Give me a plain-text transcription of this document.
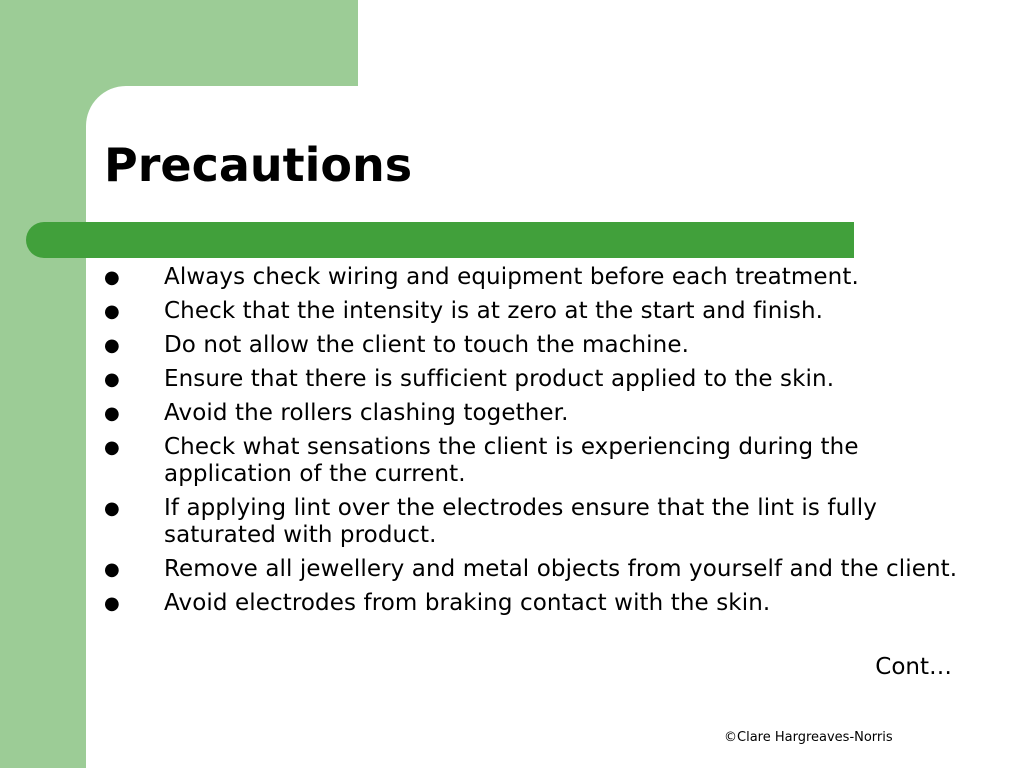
Precautions
●	Always check wiring and equipment before each treatment.
●	Check that the intensity is at zero at the start and finish.
●	Do not allow the client to touch the machine.
●	Ensure that there is sufficient product applied to the skin.
●	Avoid the rollers clashing together.
●	Check what sensations the client is experiencing during the application of the current.
●	If applying lint over the electrodes ensure that the lint is fully saturated with product.
●	Remove all jewellery and metal objects from yourself and the client.
●	Avoid electrodes from braking contact with the skin.
Cont…
©Clare Hargreaves-Norris
